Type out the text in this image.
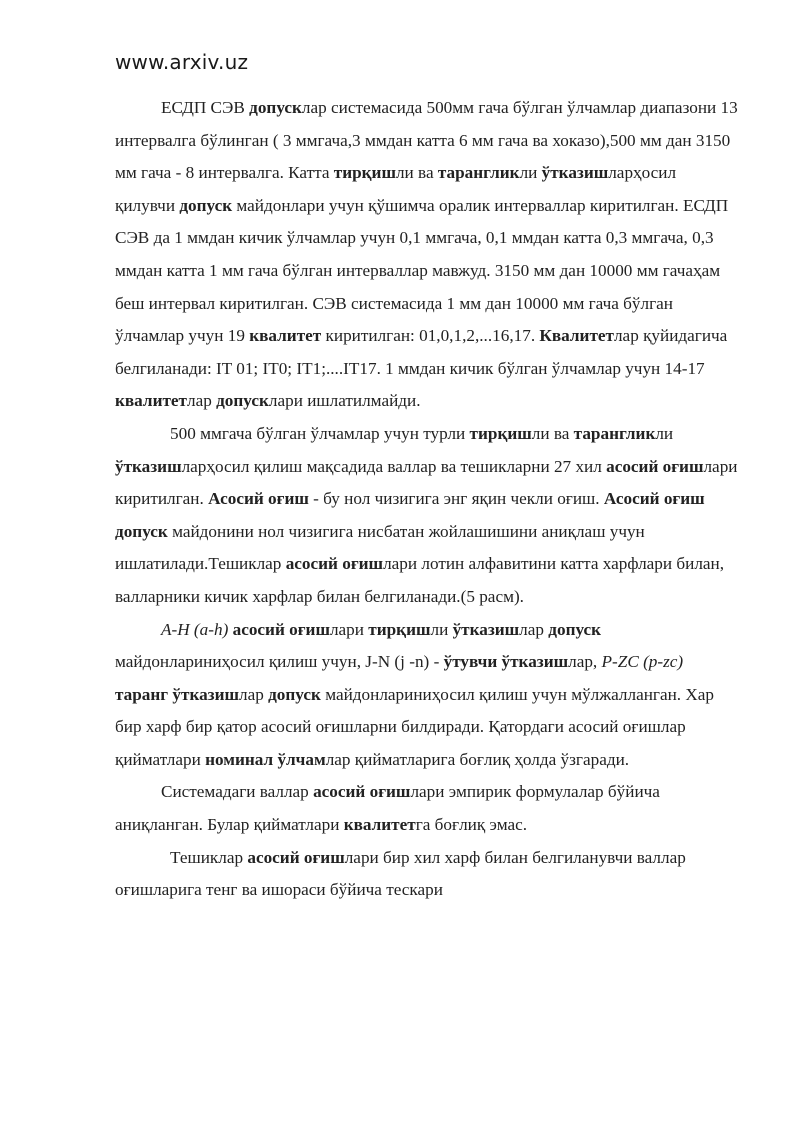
www.arxiv.uz

ЕСДП СЭВ допусклар системасида 500мм гача бўлган ўлчамлар диапазони 13 интервалга бўлинган ( 3 ммгача,3 ммдан катта 6 мм гача ва хоказо),500 мм дан 3150 мм гача - 8 интервалга. Катта тирқишли ва тарангликли ўтказишларҳосил қилувчи допуск майдонлари учун қўшимча оралик интерваллар киритилган. ЕСДП СЭВ да 1 ммдан кичик ўлчамлар учун 0,1 ммгача, 0,1 ммдан катта 0,3 ммгача, 0,3 ммдан катта 1 мм гача бўлган интерваллар мавжуд. 3150 мм дан 10000 мм гачаҳам беш интервал киритилган. СЭВ системасида 1 мм дан 10000 мм гача бўлган ўлчамлар учун 19 квалитет киритилган: 01,0,1,2,...16,17. Квалитетлар қуйидагича белгиланади: IT 01; IT0; IT1;....IT17. 1 ммдан кичик бўлган ўлчамлар учун 14-17 квалитетлар допусклари ишлатилмайди.

500 ммгача бўлган ўлчамлар учун турли тирқишли ва тарангликли ўтказишларҳосил қилиш мақсадида валлар ва тешикларни 27 хил асосий оғишлари киритилган. Асосий оғиш - бу нол чизигига энг яқин чекли оғиш. Асосий оғиш допуск майдонини нол чизигига нисбатан жойлашишини аниқлаш учун ишлатилади.Тешиклар асосий оғишлари лотин алфавитини катта харфлари билан, валларники кичик харфлар билан белгиланади.(5 расм).

A-H (a-h) асосий оғишлари тирқишли ўтказишлар допуск майдонлариниҳосил қилиш учун, J-N (j -n) - ўтувчи ўтказишлар, P-ZC (p-zc) таранг ўтказишлар допуск майдонлариниҳосил қилиш учун мўлжалланган. Хар бир харф бир қатор асосий оғишларни билдиради. Қатордаги асосий оғишлар қийматлари номинал ўлчамлар қийматларига боғлиқ ҳолда ўзгаради.

Системадаги валлар асосий оғишлари эмпирик формулалар бўйича аниқланган. Булар қийматлари квалитетга боғлиқ эмас.

Тешиклар асосий оғишлари бир хил харф билан белгиланувчи валлар оғишларига тенг ва ишораси бўйича тескари
